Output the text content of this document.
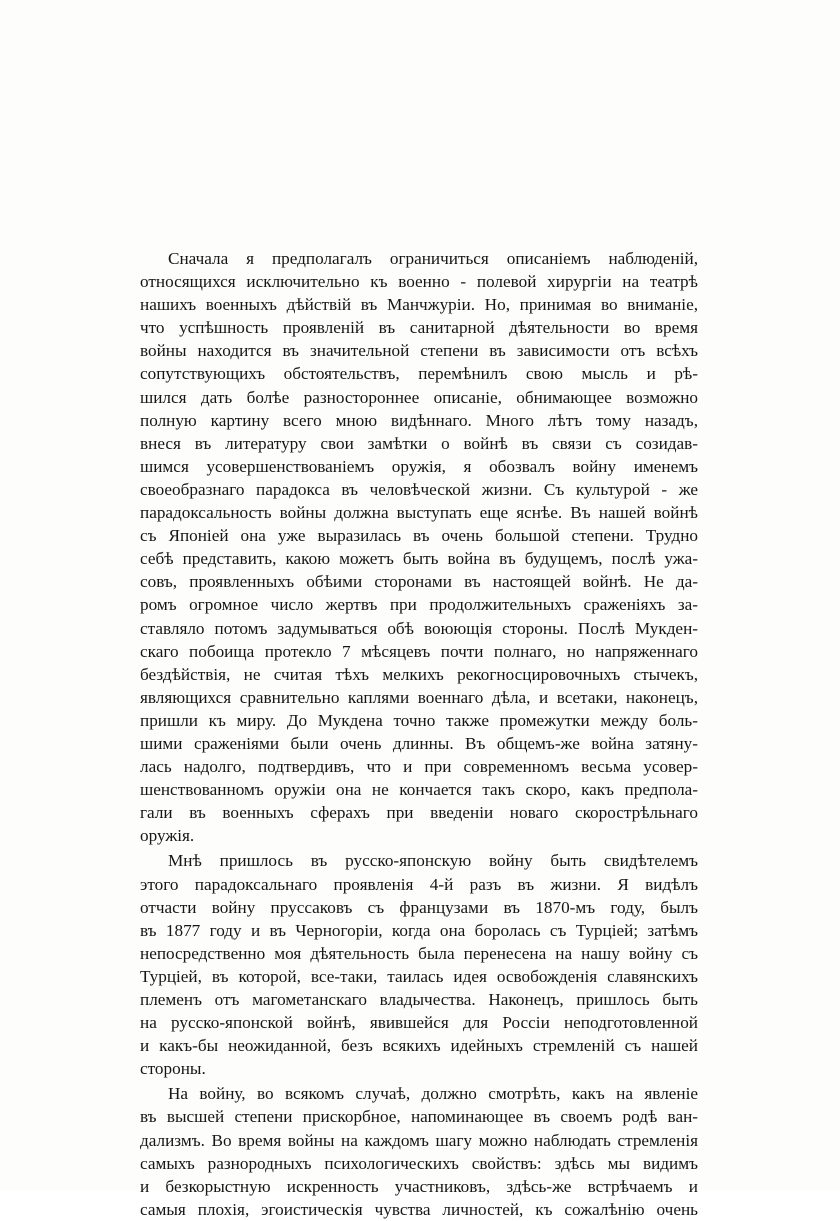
Сначала я предполагалъ ограничиться описаніемъ наблюденій,
относящихся исключительно къ военно - полевой хирургіи на театрѣ
нашихъ военныхъ дѣйствій въ Манчжуріи. Но, принимая во вниманіе,
что успѣшность проявленій въ санитарной дѣятельности во время
войны находится въ значительной степени въ зависимости отъ всѣхъ
сопутствующихъ обстоятельствъ, перемѣнилъ свою мысль и рѣ-
шился дать болѣе разностороннее описаніе, обнимающее возможно
полную картину всего мною видѣннаго. Много лѣтъ тому назадъ,
внеся въ литературу свои замѣтки о войнѣ въ связи съ созидав-
шимся усовершенствованіемъ оружія, я обозвалъ войну именемъ
своеобразнаго парадокса въ человѣческой жизни. Съ культурой - же
парадоксальность войны должна выступать еще яснѣе. Въ нашей войнѣ
съ Японіей она уже выразилась въ очень большой степени. Трудно
себѣ представить, какою можетъ быть война въ будущемъ, послѣ ужа-
совъ, проявленныхъ обѣими сторонами въ настоящей войнѣ. Не да-
ромъ огромное число жертвъ при продолжительныхъ сраженіяхъ за-
ставляло потомъ задумываться обѣ воюющія стороны. Послѣ Мукден-
скаго побоища протекло 7 мѣсяцевъ почти полнаго, но напряженнаго
бездѣйствія, не считая тѣхъ мелкихъ рекогносцировочныхъ стычекъ,
являющихся сравнительно каплями военнаго дѣла, и всетаки, наконецъ,
пришли къ миру. До Мукдена точно также промежутки между боль-
шими сраженіями были очень длинны. Въ общемъ-же война затяну-
лась надолго, подтвердивъ, что и при современномъ весьма усовер-
шенствованномъ оружіи она не кончается такъ скоро, какъ предпола-
гали въ военныхъ сферахъ при введеніи новаго скорострѣльнаго
оружія.
Мнѣ пришлось въ русско-японскую войну быть свидѣтелемъ
этого парадоксальнаго проявленія 4-й разъ въ жизни. Я видѣлъ
отчасти войну пруссаковъ съ французами въ 1870-мъ году, былъ
въ 1877 году и въ Черногоріи, когда она боролась съ Турціей; затѣмъ
непосредственно моя дѣятельность была перенесена на нашу войну съ
Турціей, въ которой, все-таки, таилась идея освобожденія славянскихъ
племенъ отъ магометанскаго владычества. Наконецъ, пришлось быть
на русско-японской войнѣ, явившейся для Россіи неподготовленной
и какъ-бы неожиданной, безъ всякихъ идейныхъ стремленій съ нашей
стороны.
На войну, во всякомъ случаѣ, должно смотрѣть, какъ на явленіе
въ высшей степени прискорбное, напоминающее въ своемъ родѣ ван-
дализмъ. Во время войны на каждомъ шагу можно наблюдать стремленія
самыхъ разнородныхъ психологическихъ свойствъ: здѣсь мы видимъ
и безкорыстную искренность участниковъ, здѣсь-же встрѣчаемъ и
самыя плохія, эгоистическія чувства личностей, къ сожалѣнію очень
